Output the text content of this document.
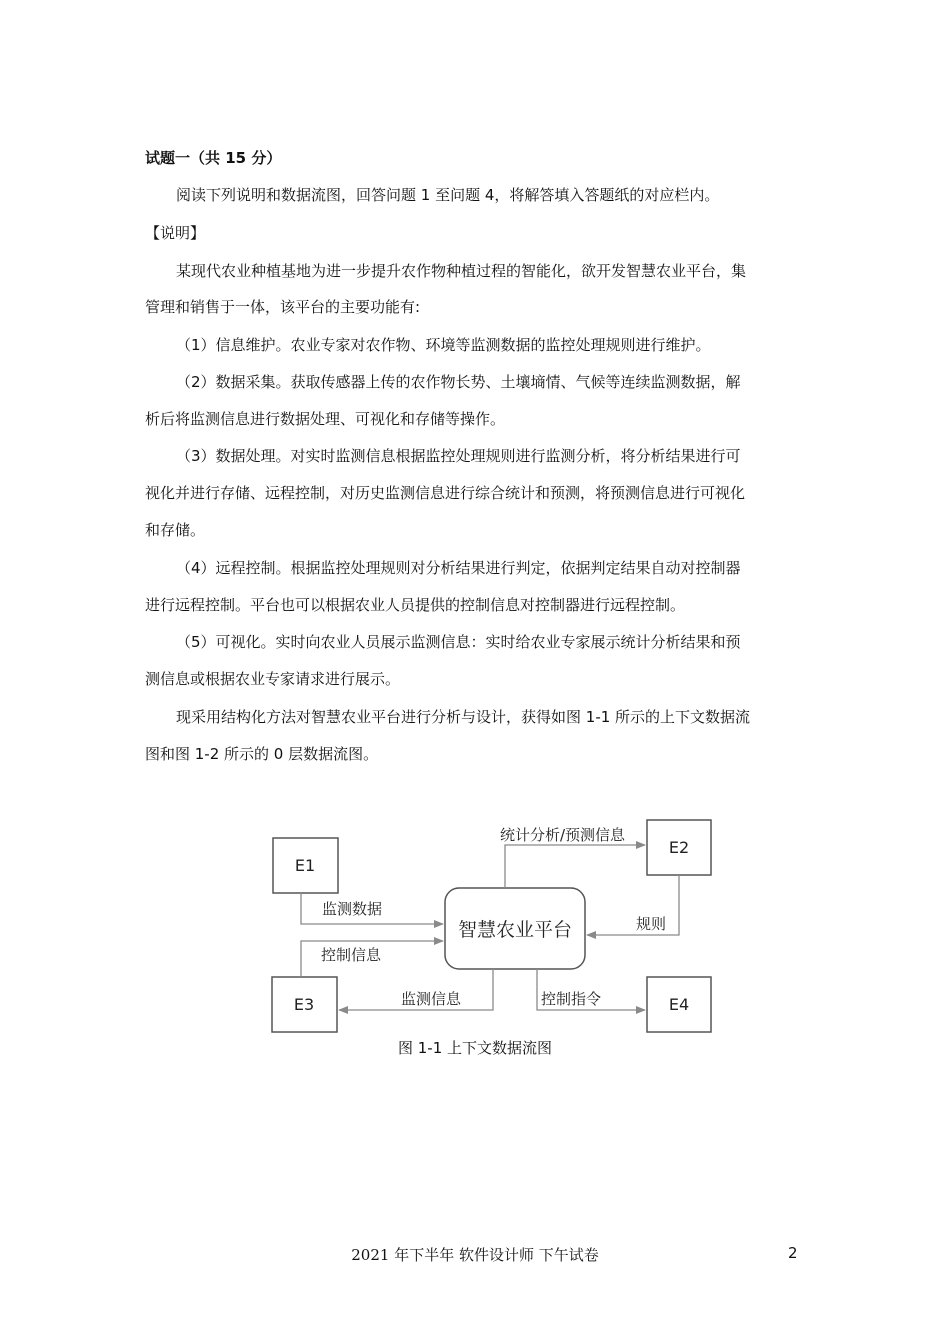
试题一（共 15 分）
阅读下列说明和数据流图，回答问题 1 至问题 4，将解答填入答题纸的对应栏内。
【说明】
某现代农业种植基地为进一步提升农作物种植过程的智能化，欲开发智慧农业平台，集
管理和销售于一体，该平台的主要功能有:
（1）信息维护。农业专家对农作物、环境等监测数据的监控处理规则进行维护。
（2）数据采集。获取传感器上传的农作物长势、土壤墒情、气候等连续监测数据，解
析后将监测信息进行数据处理、可视化和存储等操作。
（3）数据处理。对实时监测信息根据监控处理规则进行监测分析，将分析结果进行可
视化并进行存储、远程控制，对历史监测信息进行综合统计和预测，将预测信息进行可视化
和存储。
（4）远程控制。根据监控处理规则对分析结果进行判定，依据判定结果自动对控制器
进行远程控制。平台也可以根据农业人员提供的控制信息对控制器进行远程控制。
（5）可视化。实时向农业人员展示监测信息：实时给农业专家展示统计分析结果和预
测信息或根据农业专家请求进行展示。
现采用结构化方法对智慧农业平台进行分析与设计，获得如图 1-1 所示的上下文数据流
图和图 1-2 所示的 0 层数据流图。
E1
E2
E3	E4
智慧农业平台
监测数据
统计分析/预测信息
规则
控制信息
监测信息	控制指令
图 1-1 上下文数据流图
2021 年下半年 软件设计师 下午试卷	2
